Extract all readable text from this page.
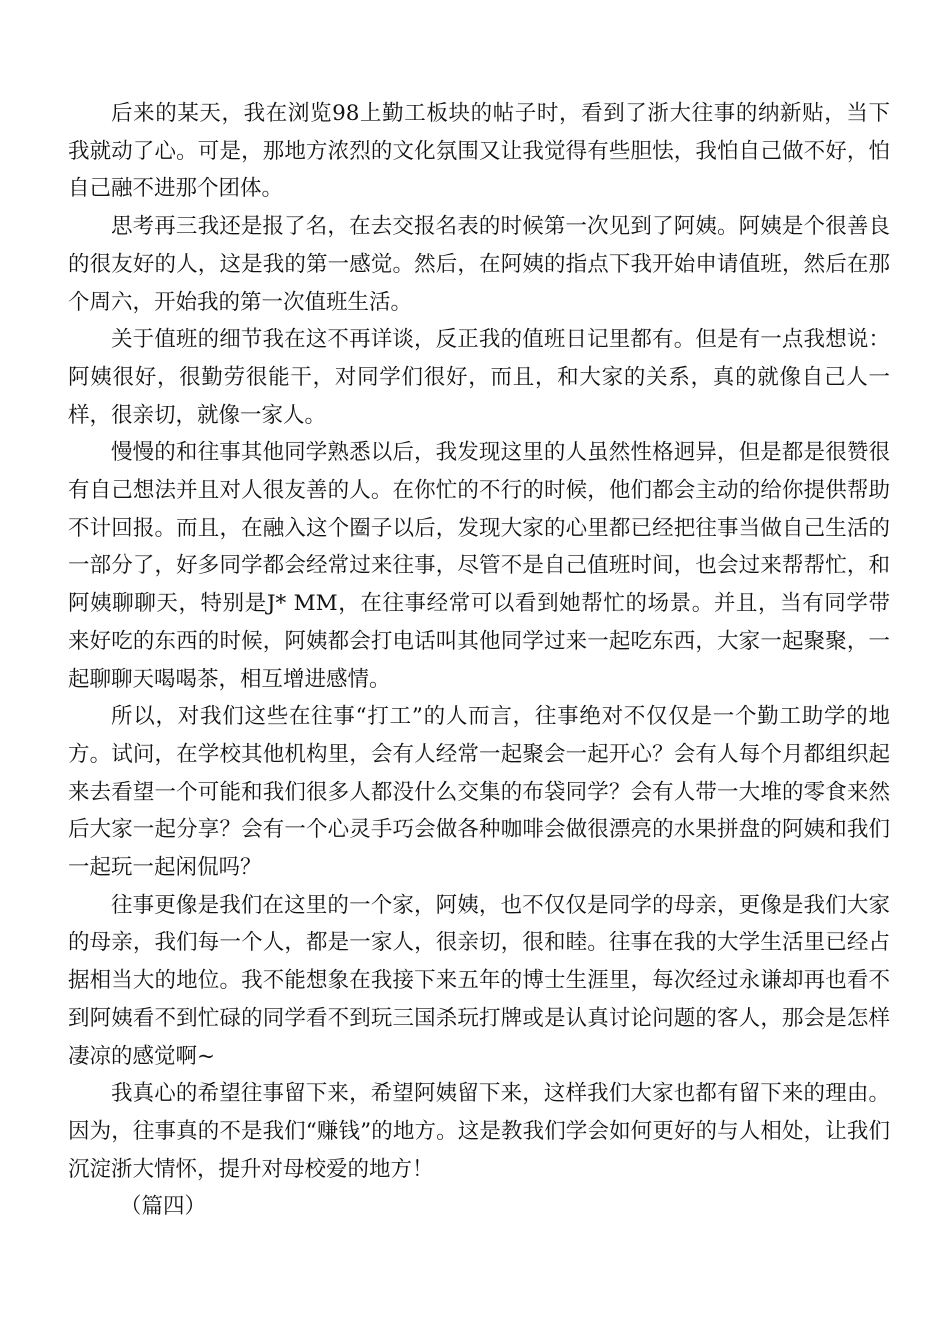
后来的某天，我在浏览98上勤工板块的帖子时，看到了浙大往事的纳新贴，当下我就动了心。可是，那地方浓烈的文化氛围又让我觉得有些胆怯，我怕自己做不好，怕自己融不进那个团体。

思考再三我还是报了名，在去交报名表的时候第一次见到了阿姨。阿姨是个很善良的很友好的人，这是我的第一感觉。然后，在阿姨的指点下我开始申请值班，然后在那个周六，开始我的第一次值班生活。

关于值班的细节我在这不再详谈，反正我的值班日记里都有。但是有一点我想说：阿姨很好，很勤劳很能干，对同学们很好，而且，和大家的关系，真的就像自己人一样，很亲切，就像一家人。

慢慢的和往事其他同学熟悉以后，我发现这里的人虽然性格迥异，但是都是很赞很有自己想法并且对人很友善的人。在你忙的不行的时候，他们都会主动的给你提供帮助不计回报。而且，在融入这个圈子以后，发现大家的心里都已经把往事当做自己生活的一部分了，好多同学都会经常过来往事，尽管不是自己值班时间，也会过来帮帮忙，和阿姨聊聊天，特别是J* MM，在往事经常可以看到她帮忙的场景。并且，当有同学带来好吃的东西的时候，阿姨都会打电话叫其他同学过来一起吃东西，大家一起聚聚，一起聊聊天喝喝茶，相互增进感情。

所以，对我们这些在往事“打工”的人而言，往事绝对不仅仅是一个勤工助学的地方。试问，在学校其他机构里，会有人经常一起聚会一起开心？会有人每个月都组织起来去看望一个可能和我们很多人都没什么交集的布袋同学？会有人带一大堆的零食来然后大家一起分享？会有一个心灵手巧会做各种咖啡会做很漂亮的水果拼盘的阿姨和我们一起玩一起闲侃吗？

往事更像是我们在这里的一个家，阿姨，也不仅仅是同学的母亲，更像是我们大家的母亲，我们每一个人，都是一家人，很亲切，很和睦。往事在我的大学生活里已经占据相当大的地位。我不能想象在我接下来五年的博士生涯里，每次经过永谦却再也看不到阿姨看不到忙碌的同学看不到玩三国杀玩打牌或是认真讨论问题的客人，那会是怎样凄凉的感觉啊~

我真心的希望往事留下来，希望阿姨留下来，这样我们大家也都有留下来的理由。因为，往事真的不是我们“赚钱”的地方。这是教我们学会如何更好的与人相处，让我们沉淀浙大情怀，提升对母校爱的地方！

（篇四）
